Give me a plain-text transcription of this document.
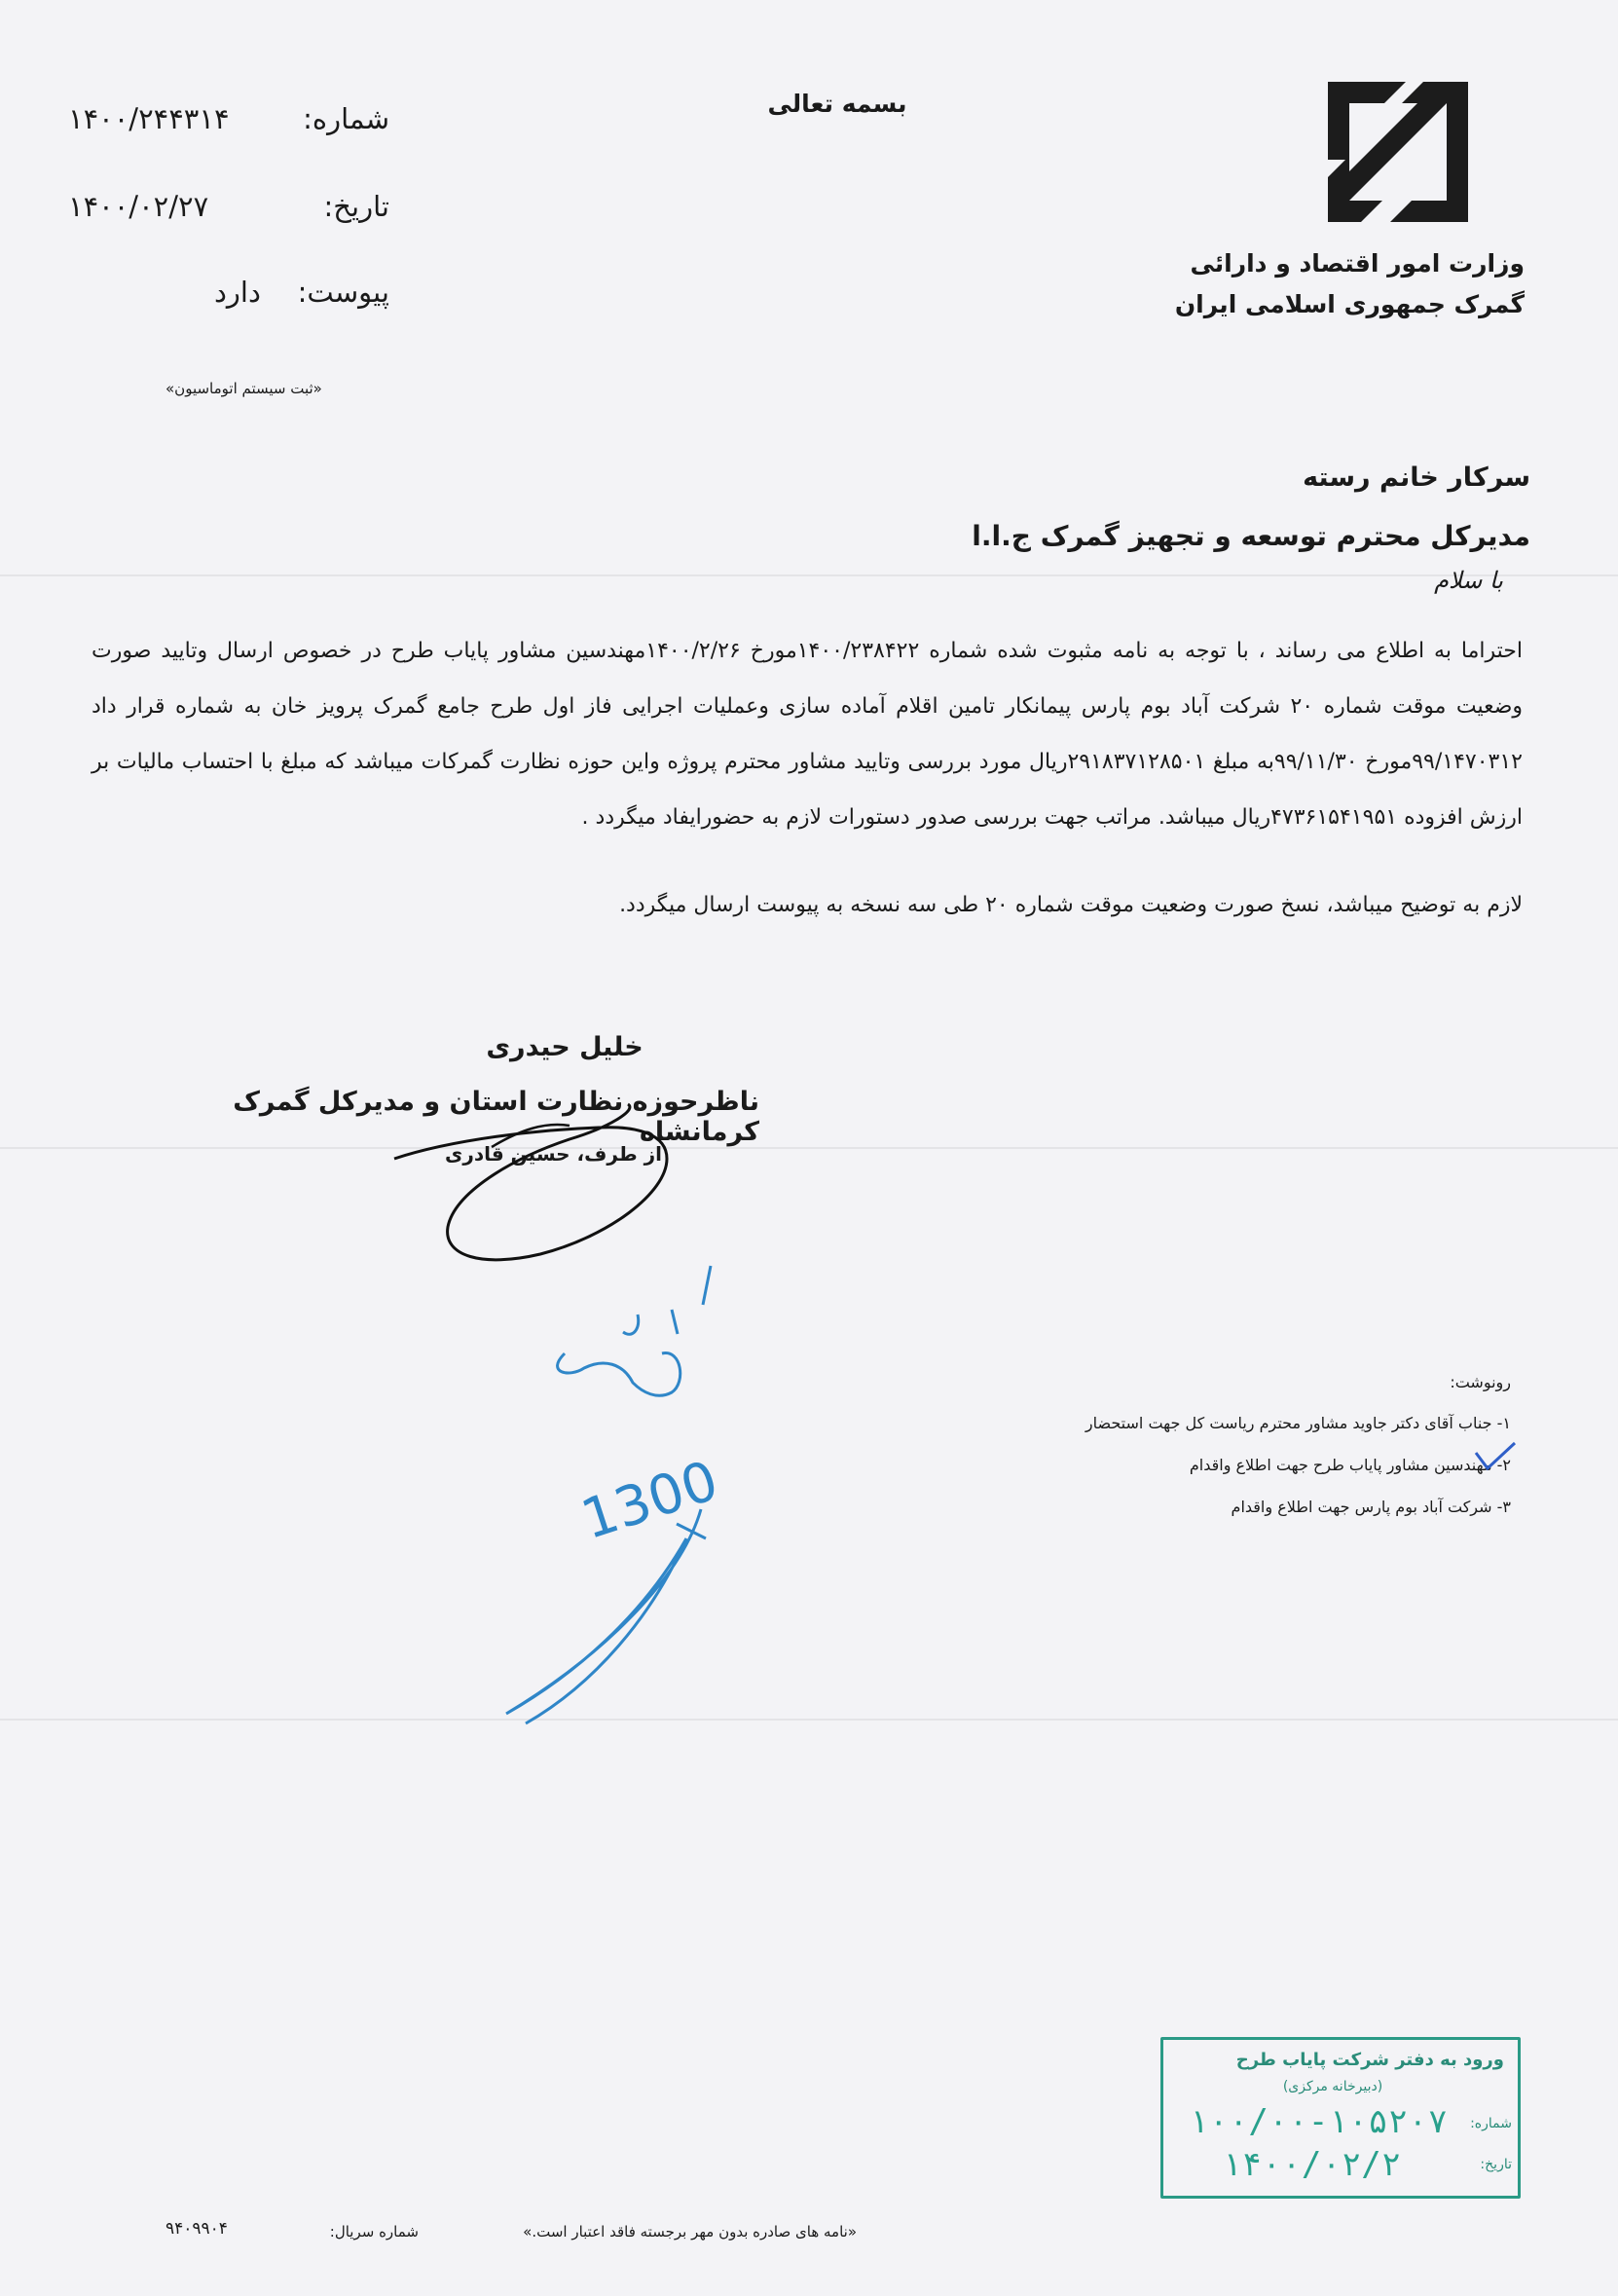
بسمه تعالی
وزارت امور اقتصاد و دارائی
گمرک جمهوری اسلامی ایران
شماره:
۱۴۰۰/۲۴۴۳۱۴
تاریخ:
۱۴۰۰/۰۲/۲۷
پیوست:
دارد
«ثبت سیستم اتوماسیون»
سرکار خانم رسته
مدیرکل محترم توسعه و تجهیز گمرک ج.ا.ا
با سلام
احتراما به اطلاع می رساند ، با توجه به نامه مثبوت شده شماره ۱۴۰۰/۲۳۸۴۲۲مورخ ۱۴۰۰/۲/۲۶مهندسین مشاور پایاب طرح در خصوص ارسال وتایید صورت وضعیت موقت شماره ۲۰ شرکت آباد بوم پارس پیمانکار تامین اقلام آماده سازی وعملیات اجرایی فاز اول طرح جامع گمرک پرویز خان به شماره قرار داد ۹۹/۱۴۷۰۳۱۲مورخ ۹۹/۱۱/۳۰به مبلغ ۲۹۱۸۳۷۱۲۸۵۰۱ریال مورد بررسی وتایید مشاور محترم پروژه واین حوزه نظارت گمرکات میباشد که مبلغ با احتساب مالیات بر ارزش افزوده ۴۷۳۶۱۵۴۱۹۵۱ریال میباشد. مراتب جهت بررسی صدور دستورات لازم به حضورایفاد میگردد .
لازم به توضیح میباشد، نسخ صورت وضعیت موقت شماره ۲۰ طی سه نسخه به پیوست ارسال میگردد.
خلیل حیدری
ناظرحوزه نظارت استان و مدیرکل گمرک کرمانشاه
از طرف، حسین قادری
1300
رونوشت:
۱- جناب آقای دکتر جاوید مشاور محترم ریاست کل جهت استحضار
۲- مهندسین مشاور پایاب طرح جهت اطلاع واقدام
۳- شرکت آباد بوم پارس جهت اطلاع واقدام
ورود به دفتر شرکت پایاب طرح
(دبیرخانه مرکزی)
شماره:
۱۰۰/۰۰-۱۰۵۲۰۷
تاریخ:
۱۴۰۰/۰۲/۲
«نامه های صادره بدون مهر برجسته فاقد اعتبار است.»
شماره سریال:
۹۴۰۹۹۰۴
